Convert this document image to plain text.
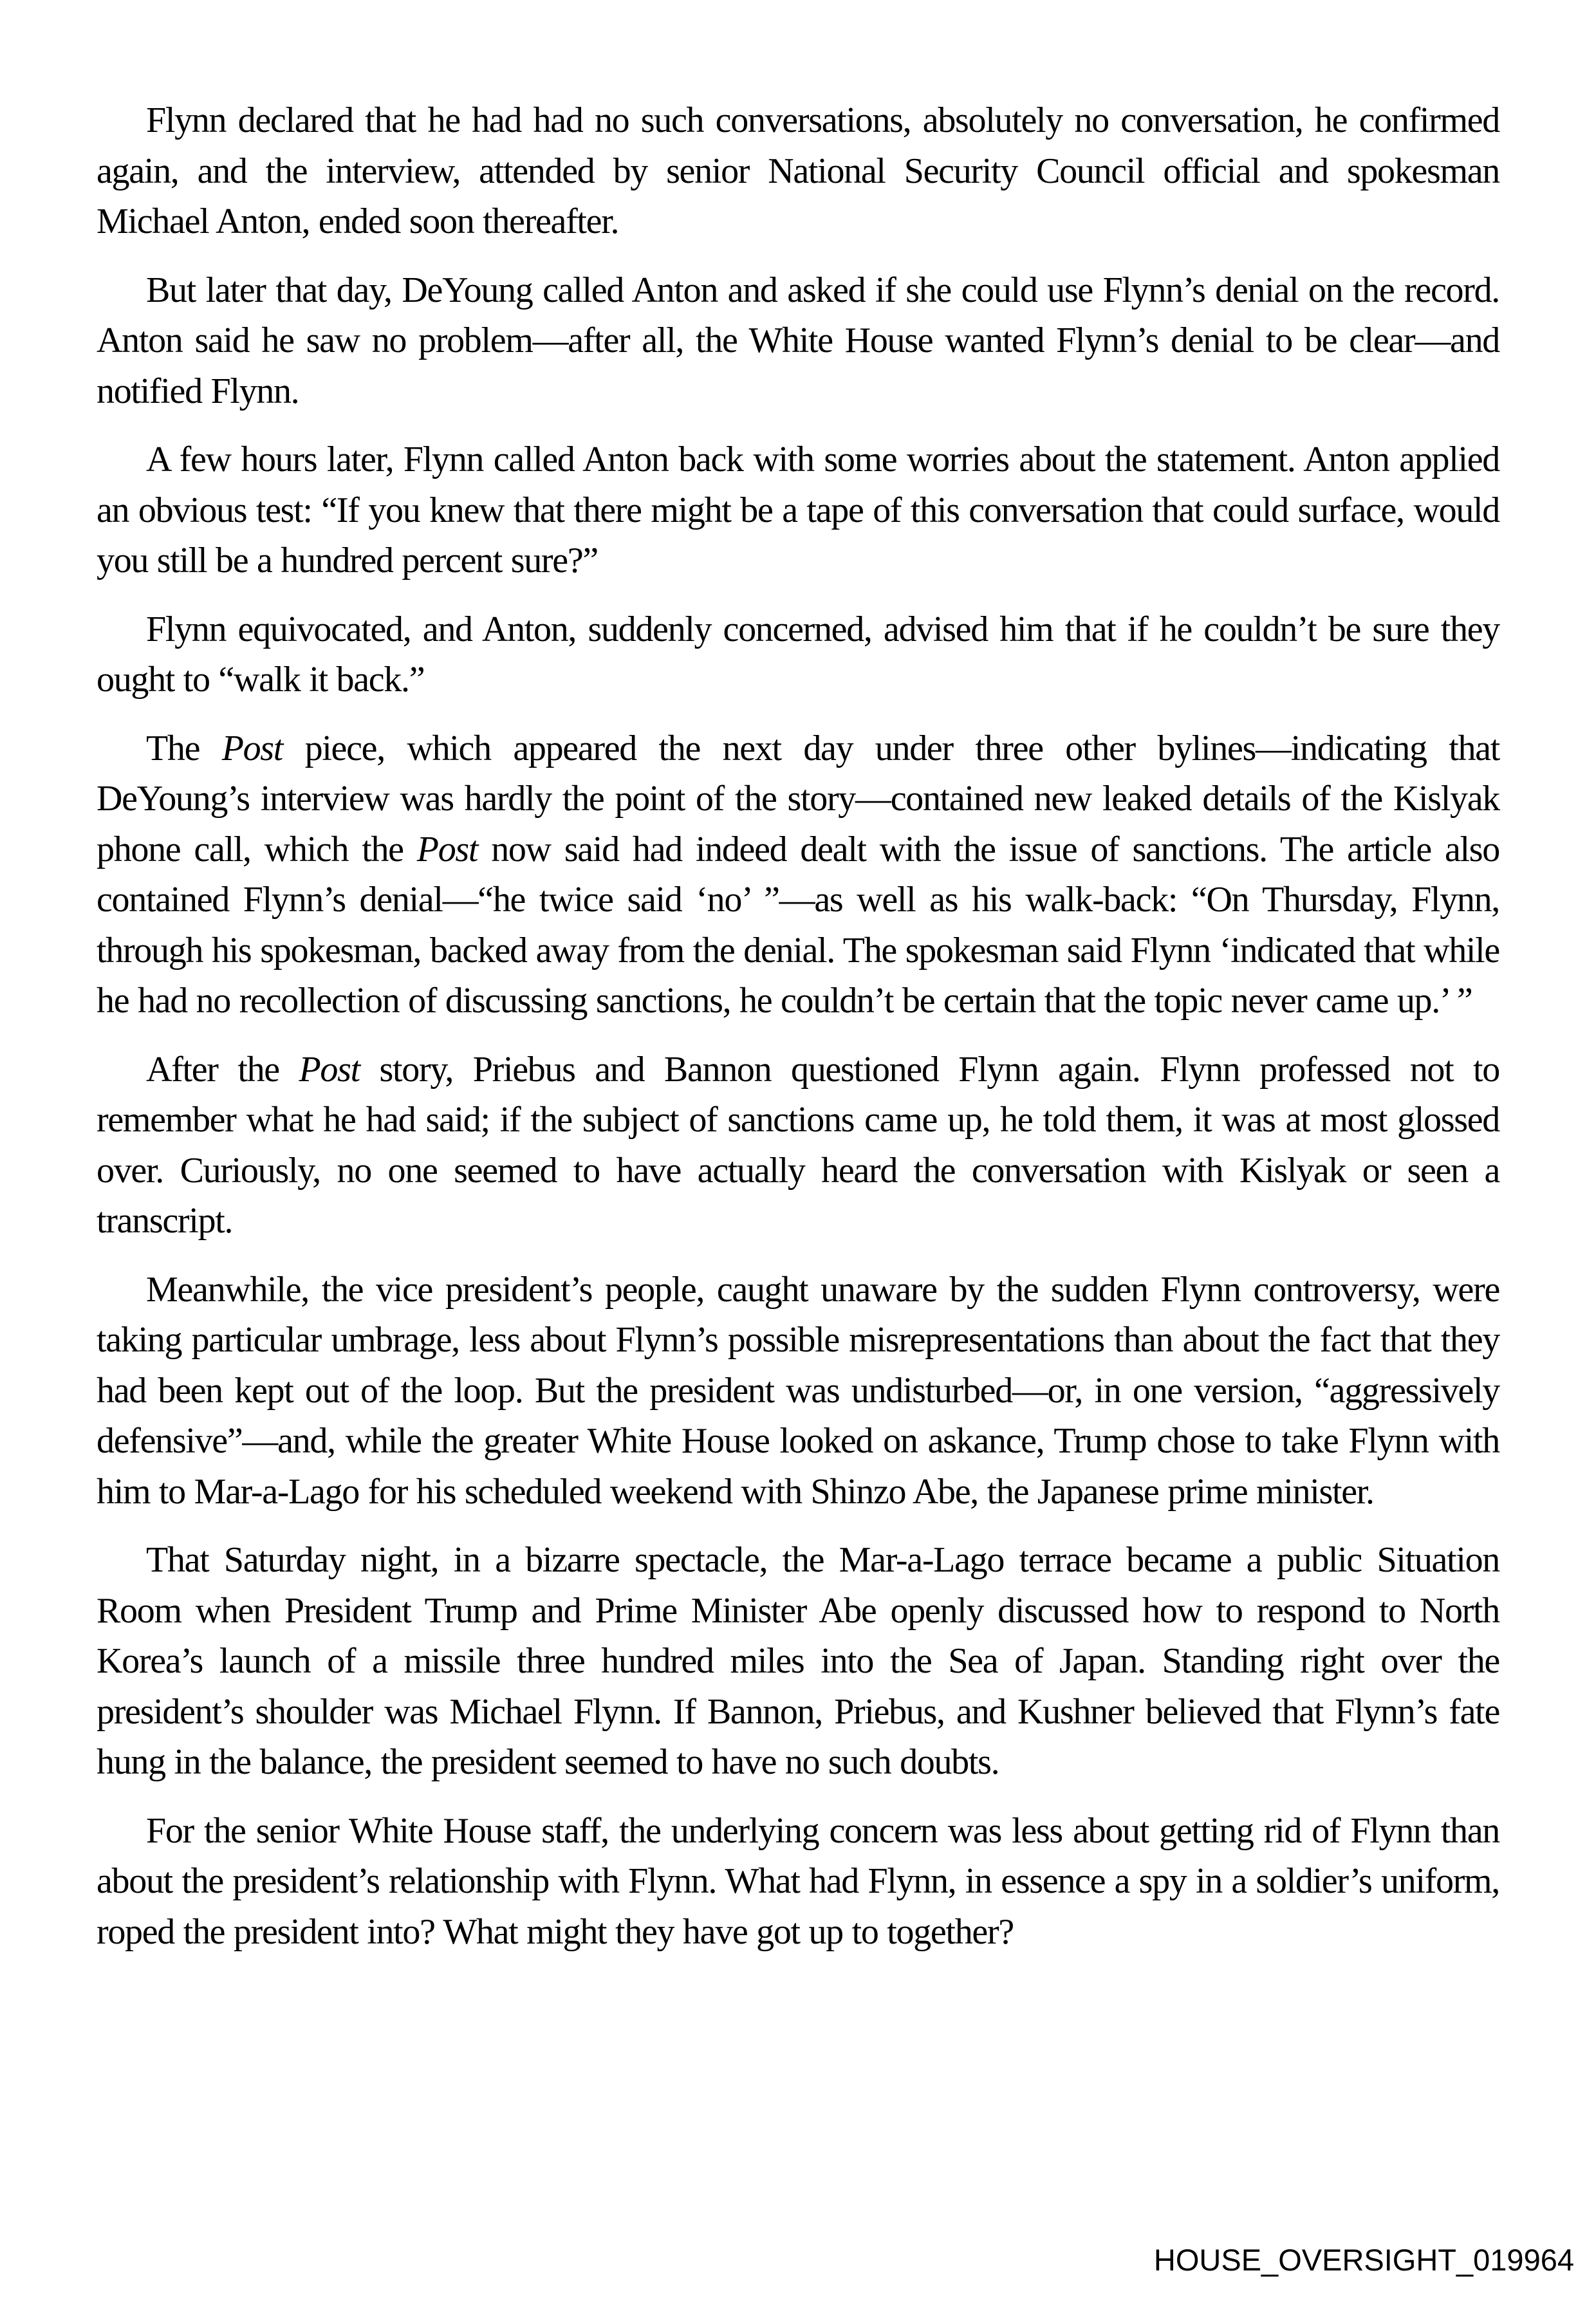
Flynn declared that he had had no such conversations, absolutely no conversation, he confirmed again, and the interview, attended by senior National Security Council official and spokesman Michael Anton, ended soon thereafter.

But later that day, DeYoung called Anton and asked if she could use Flynn’s denial on the record. Anton said he saw no problem—after all, the White House wanted Flynn’s denial to be clear—and notified Flynn.

A few hours later, Flynn called Anton back with some worries about the statement. Anton applied an obvious test: “If you knew that there might be a tape of this conversation that could surface, would you still be a hundred percent sure?”

Flynn equivocated, and Anton, suddenly concerned, advised him that if he couldn’t be sure they ought to “walk it back.”

The Post piece, which appeared the next day under three other bylines—indicating that DeYoung’s interview was hardly the point of the story—contained new leaked details of the Kislyak phone call, which the Post now said had indeed dealt with the issue of sanctions. The article also contained Flynn’s denial—“he twice said ‘no’ ”—as well as his walk-back: “On Thursday, Flynn, through his spokesman, backed away from the denial. The spokesman said Flynn ‘indicated that while he had no recollection of discussing sanctions, he couldn’t be certain that the topic never came up.’ ”

After the Post story, Priebus and Bannon questioned Flynn again. Flynn professed not to remember what he had said; if the subject of sanctions came up, he told them, it was at most glossed over. Curiously, no one seemed to have actually heard the conversation with Kislyak or seen a transcript.

Meanwhile, the vice president’s people, caught unaware by the sudden Flynn controversy, were taking particular umbrage, less about Flynn’s possible misrepresentations than about the fact that they had been kept out of the loop. But the president was undisturbed—or, in one version, “aggressively defensive”—and, while the greater White House looked on askance, Trump chose to take Flynn with him to Mar-a-Lago for his scheduled weekend with Shinzo Abe, the Japanese prime minister.

That Saturday night, in a bizarre spectacle, the Mar-a-Lago terrace became a public Situation Room when President Trump and Prime Minister Abe openly discussed how to respond to North Korea’s launch of a missile three hundred miles into the Sea of Japan. Standing right over the president’s shoulder was Michael Flynn. If Bannon, Priebus, and Kushner believed that Flynn’s fate hung in the balance, the president seemed to have no such doubts.

For the senior White House staff, the underlying concern was less about getting rid of Flynn than about the president’s relationship with Flynn. What had Flynn, in essence a spy in a soldier’s uniform, roped the president into? What might they have got up to together?

HOUSE_OVERSIGHT_019964
